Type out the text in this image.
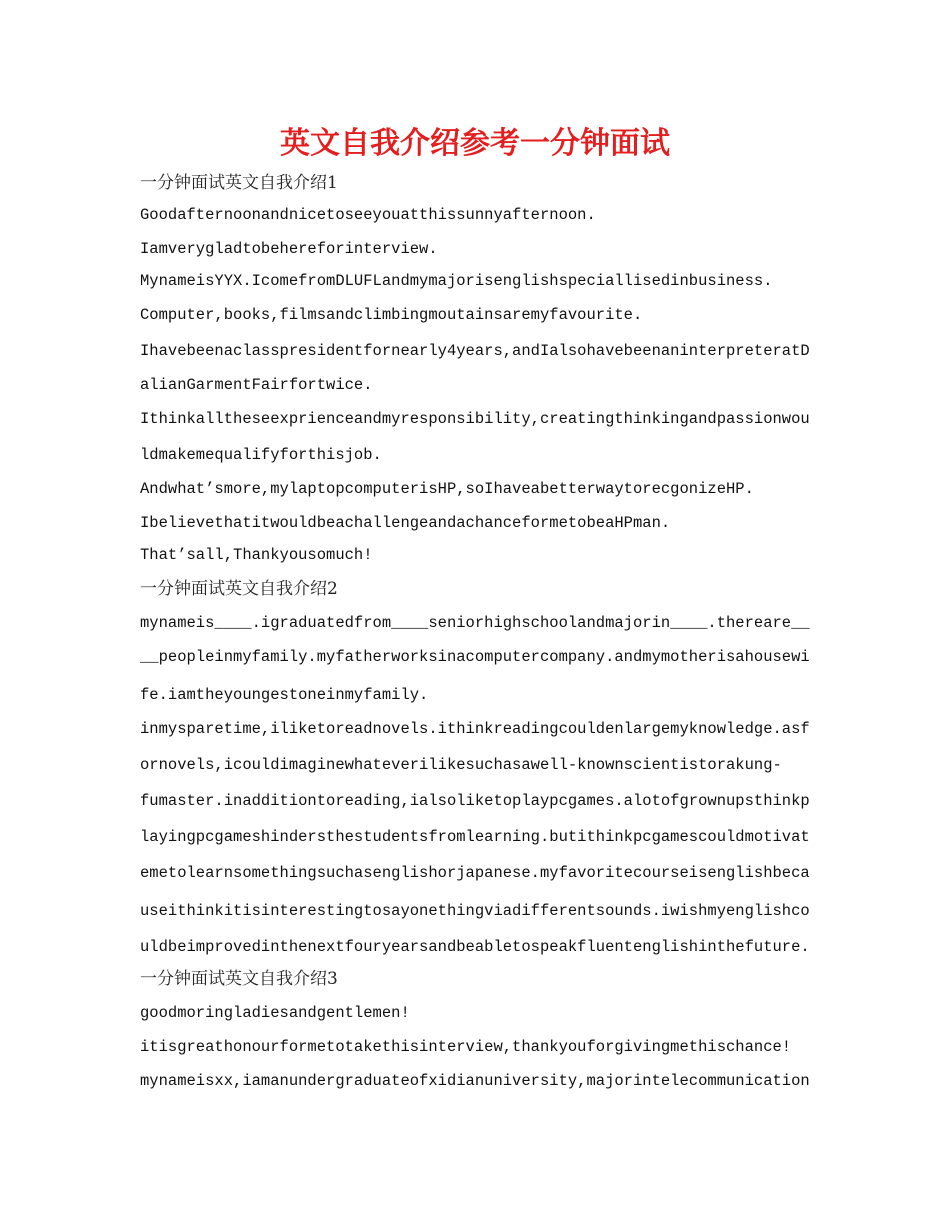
英文自我介绍参考一分钟面试
一分钟面试英文自我介绍1
Goodafternoonandnicetoseeyouatthissunnyafternoon.
Iamverygladtobehereforinterview.
MynameisYYX.IcomefromDLUFLandmymajorisenglishspeciallisedinbusiness.
Computer,books,filmsandclimbingmoutainsaremyfavourite.
Ihavebeenaclasspresidentfornearly4years,andIalsohavebeenaninterpreteratD
alianGarmentFairfortwice.
Ithinkalltheseexprienceandmyresponsibility,creatingthinkingandpassionwou
ldmakemequalifyforthisjob.
Andwhat’smore,mylaptopcomputerisHP,soIhaveabetterwaytorecgonizeHP.
IbelievethatitwouldbeachallengeandachanceformetobeaHPman.
That’sall,Thankyousomuch!
一分钟面试英文自我介绍2
mynameis____.igraduatedfrom____seniorhighschoolandmajorin____.thereare__
__peopleinmyfamily.myfatherworksinacomputercompany.andmymotherisahousewi
fe.iamtheyoungestoneinmyfamily.
inmysparetime,iliketoreadnovels.ithinkreadingcouldenlargemyknowledge.asf
ornovels,icouldimaginewhateverilikesuchasawell-knownscientistorakung-
fumaster.inadditiontoreading,ialsoliketoplaypcgames.alotofgrownupsthinkp
layingpcgameshindersthestudentsfromlearning.butithinkpcgamescouldmotivat
emetolearnsomethingsuchasenglishorjapanese.myfavoritecourseisenglishbeca
useithinkitisinterestingtosayonethingviadifferentsounds.iwishmyenglishco
uldbeimprovedinthenextfouryearsandbeabletospeakfluentenglishinthefuture.
一分钟面试英文自我介绍3
goodmoringladiesandgentlemen!
itisgreathonourformetotakethisinterview,thankyouforgivingmethischance!
mynameisxx,iamanundergraduateofxidianuniversity,majorintelecommunication
